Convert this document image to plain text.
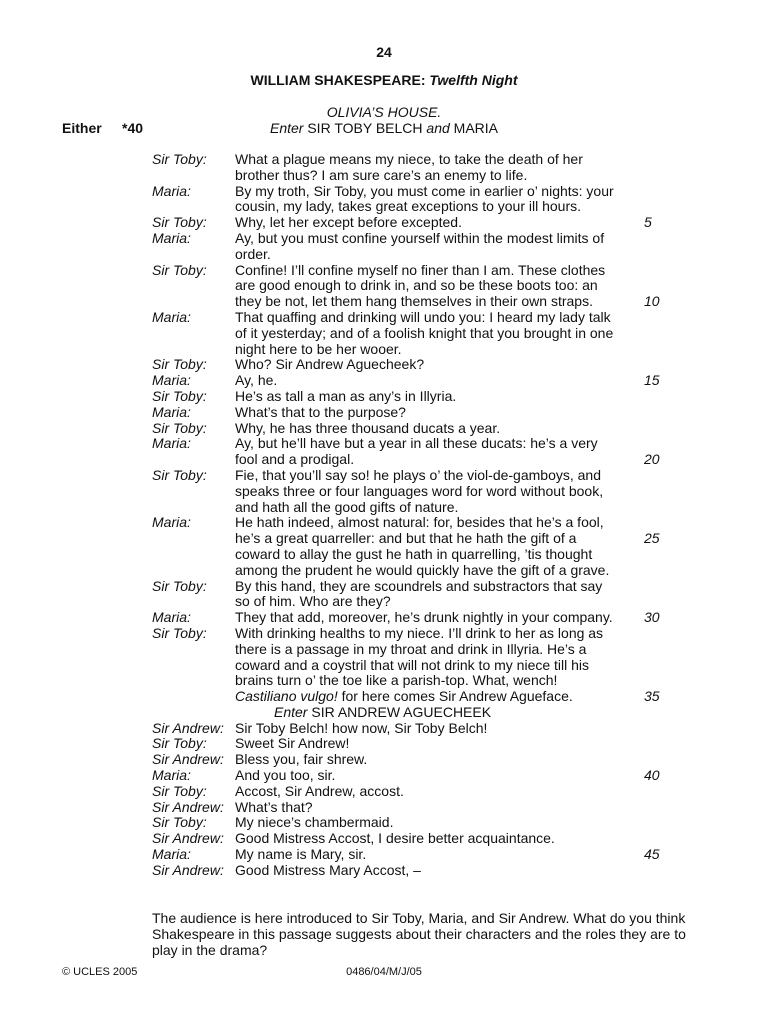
24
WILLIAM SHAKESPEARE: Twelfth Night
OLIVIA’S HOUSE.
Either *40	Enter SIR TOBY BELCH and MARIA
Sir Toby:	What a plague means my niece, to take the death of her
brother thus? I am sure care’s an enemy to life.
Maria:	By my troth, Sir Toby, you must come in earlier o’ nights: your
cousin, my lady, takes great exceptions to your ill hours.
Sir Toby:	Why, let her except before excepted.	5
Maria:	Ay, but you must confine yourself within the modest limits of
order.
Sir Toby:	Confine! I’ll confine myself no finer than I am. These clothes
are good enough to drink in, and so be these boots too: an
they be not, let them hang themselves in their own straps.	10
Maria:	That quaffing and drinking will undo you: I heard my lady talk
of it yesterday; and of a foolish knight that you brought in one
night here to be her wooer.
Sir Toby:	Who? Sir Andrew Aguecheek?
Maria:	Ay, he.	15
Sir Toby:	He’s as tall a man as any’s in Illyria.
Maria:	What’s that to the purpose?
Sir Toby:	Why, he has three thousand ducats a year.
Maria:	Ay, but he’ll have but a year in all these ducats: he’s a very
fool and a prodigal.	20
Sir Toby:	Fie, that you’ll say so! he plays o’ the viol-de-gamboys, and
speaks three or four languages word for word without book,
and hath all the good gifts of nature.
Maria:	He hath indeed, almost natural: for, besides that he’s a fool,
he’s a great quarreller: and but that he hath the gift of a	25
coward to allay the gust he hath in quarrelling, ’tis thought
among the prudent he would quickly have the gift of a grave.
Sir Toby:	By this hand, they are scoundrels and substractors that say
so of him. Who are they?
Maria:	They that add, moreover, he’s drunk nightly in your company. 30
Sir Toby:	With drinking healths to my niece. I’ll drink to her as long as
there is a passage in my throat and drink in Illyria. He’s a
coward and a coystril that will not drink to my niece till his
brains turn o’ the toe like a parish-top. What, wench!
Castiliano vulgo! for here comes Sir Andrew Agueface.	35
Enter
SIR ANDREW AGUECHEEK
Sir Andrew: Sir Toby Belch! how now, Sir Toby Belch!
Sir Toby:	Sweet Sir Andrew!
Sir Andrew: Bless you, fair shrew.
Maria:	And you too, sir.	40
Sir Toby:	Accost, Sir Andrew, accost.
Sir Andrew: What’s that?
Sir Toby:	My niece’s chambermaid.
Sir Andrew: Good Mistress Accost, I desire better acquaintance.
Maria:	My name is Mary, sir.	45
Sir Andrew: Good Mistress Mary Accost, –
The audience is here introduced to Sir Toby, Maria, and Sir Andrew. What do you think
Shakespeare in this passage suggests about their characters and the roles they are to
play in the drama?
© UCLES 2005	0486/04/M/J/05
